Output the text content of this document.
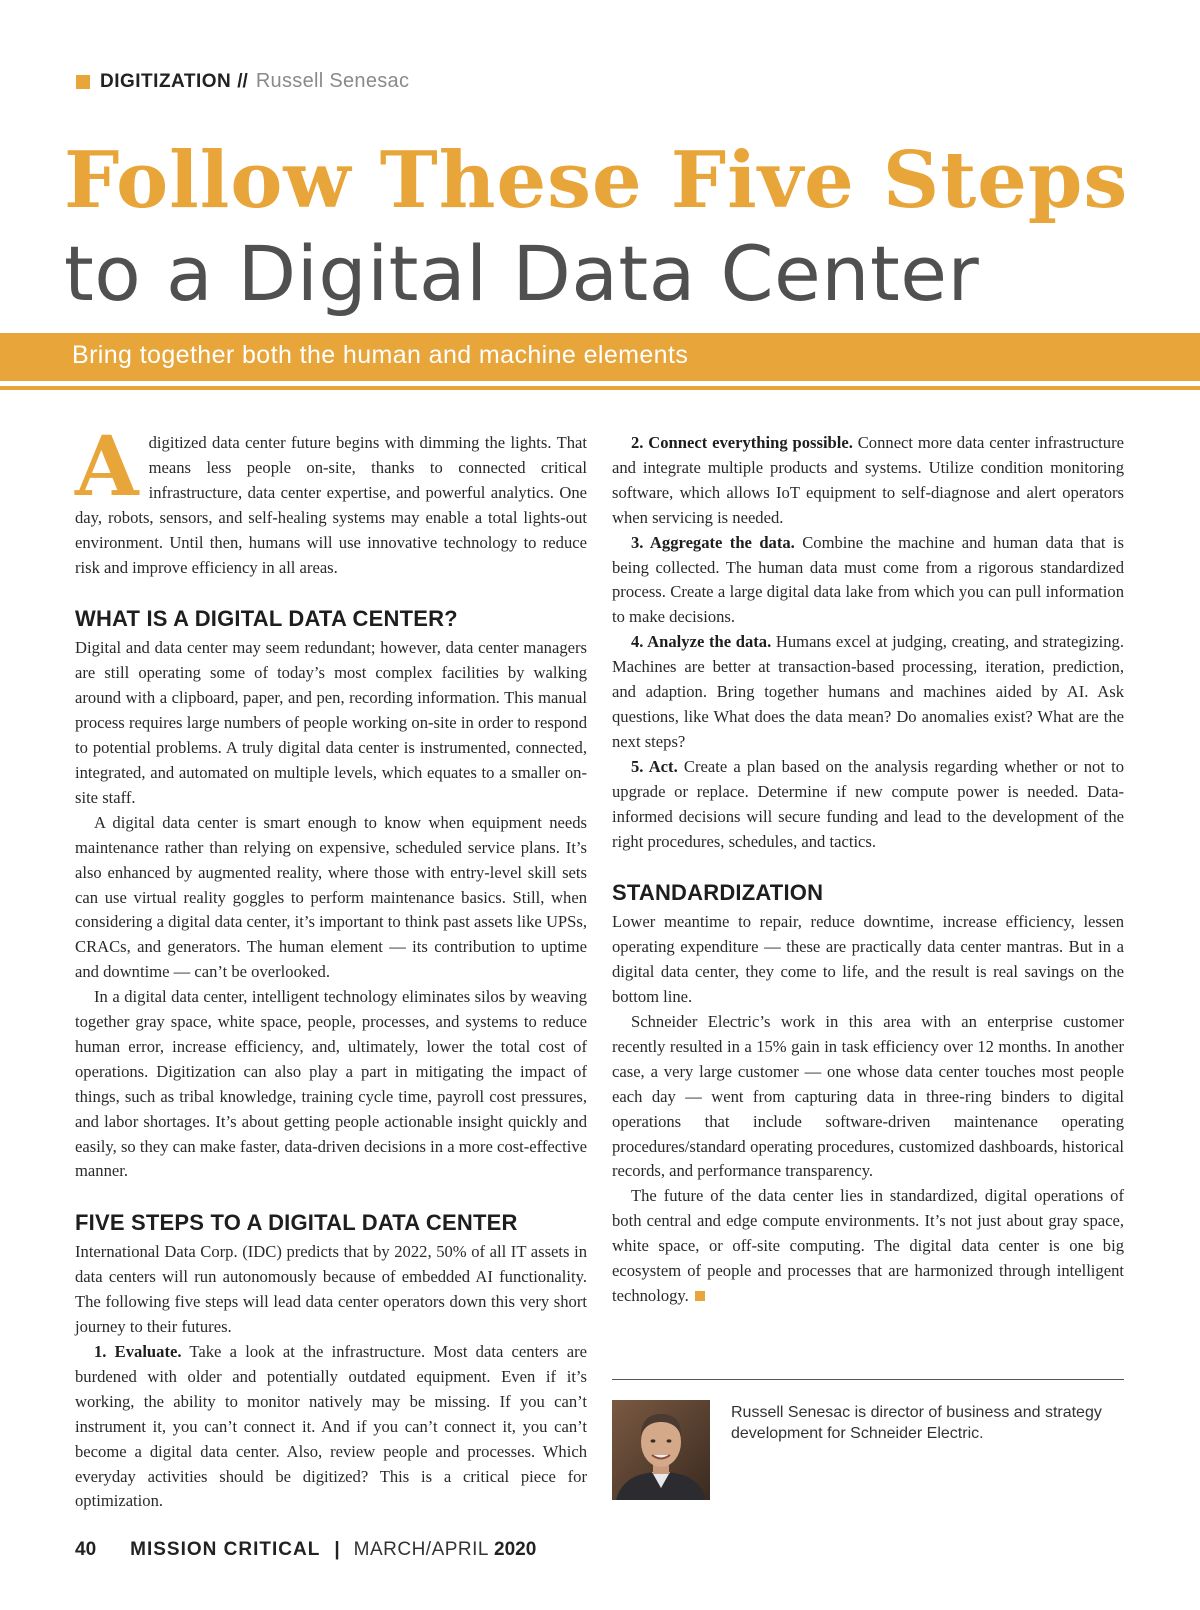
DIGITIZATION // Russell Senesac
Follow These Five Steps
to a Digital Data Center
Bring together both the human and machine elements

Adigitized data center future begins with dimming the lights. That means less people on-site, thanks to connected critical infrastructure, data center expertise, and powerful analytics. One day, robots, sensors, and self-healing systems may enable a total lights-out environment. Until then, humans will use innovative technology to reduce risk and improve efficiency in all areas.

WHAT IS A DIGITAL DATA CENTER?

Digital and data center may seem redundant; however, data center managers are still operating some of today’s most complex facilities by walking around with a clipboard, paper, and pen, recording information. This manual process requires large numbers of people working on-site in order to respond to potential problems. A truly digital data center is instrumented, connected, integrated, and automated on multiple levels, which equates to a smaller on-site staff.

A digital data center is smart enough to know when equipment needs maintenance rather than relying on expensive, scheduled service plans. It’s also enhanced by augmented reality, where those with entry-level skill sets can use virtual reality goggles to perform maintenance basics. Still, when considering a digital data center, it’s important to think past assets like UPSs, CRACs, and generators. The human element — its contribution to uptime and downtime — can’t be overlooked.

In a digital data center, intelligent technology eliminates silos by weaving together gray space, white space, people, processes, and systems to reduce human error, increase efficiency, and, ultimately, lower the total cost of operations. Digitization can also play a part in mitigating the impact of things, such as tribal knowledge, training cycle time, payroll cost pressures, and labor shortages. It’s about getting people actionable insight quickly and easily, so they can make faster, data-driven decisions in a more cost-effective manner.

FIVE STEPS TO A DIGITAL DATA CENTER

International Data Corp. (IDC) predicts that by 2022, 50% of all IT assets in data centers will run autonomously because of embedded AI functionality. The following five steps will lead data center operators down this very short journey to their futures.

1. Evaluate. Take a look at the infrastructure. Most data centers are burdened with older and potentially outdated equipment. Even if it’s working, the ability to monitor natively may be missing. If you can’t instrument it, you can’t connect it. And if you can’t connect it, you can’t become a digital data center. Also, review people and processes. Which everyday activities should be digitized? This is a critical piece for optimization.

2. Connect everything possible. Connect more data center infrastructure and integrate multiple products and systems. Utilize condition monitoring software, which allows IoT equipment to self-diagnose and alert operators when servicing is needed.

3. Aggregate the data. Combine the machine and human data that is being collected. The human data must come from a rigorous standardized process. Create a large digital data lake from which you can pull information to make decisions.

4. Analyze the data. Humans excel at judging, creating, and strategizing. Machines are better at transaction-based processing, iteration, prediction, and adaption. Bring together humans and machines aided by AI. Ask questions, like What does the data mean? Do anomalies exist? What are the next steps?

5. Act. Create a plan based on the analysis regarding whether or not to upgrade or replace. Determine if new compute power is needed. Data-informed decisions will secure funding and lead to the development of the right procedures, schedules, and tactics.

STANDARDIZATION

Lower meantime to repair, reduce downtime, increase efficiency, lessen operating expenditure — these are practically data center mantras. But in a digital data center, they come to life, and the result is real savings on the bottom line.

Schneider Electric’s work in this area with an enterprise customer recently resulted in a 15% gain in task efficiency over 12 months. In another case, a very large customer — one whose data center touches most people each day — went from capturing data in three-ring binders to digital operations that include software-driven maintenance operating procedures/standard operating procedures, customized dashboards, historical records, and performance transparency.

The future of the data center lies in standardized, digital operations of both central and edge compute environments. It’s not just about gray space, white space, or off-site computing. The digital data center is one big ecosystem of people and processes that are harmonized through intelligent technology.

Russell Senesac is director of business and strategy development for Schneider Electric.
40 MISSION CRITICAL | MARCH/APRIL 2020
